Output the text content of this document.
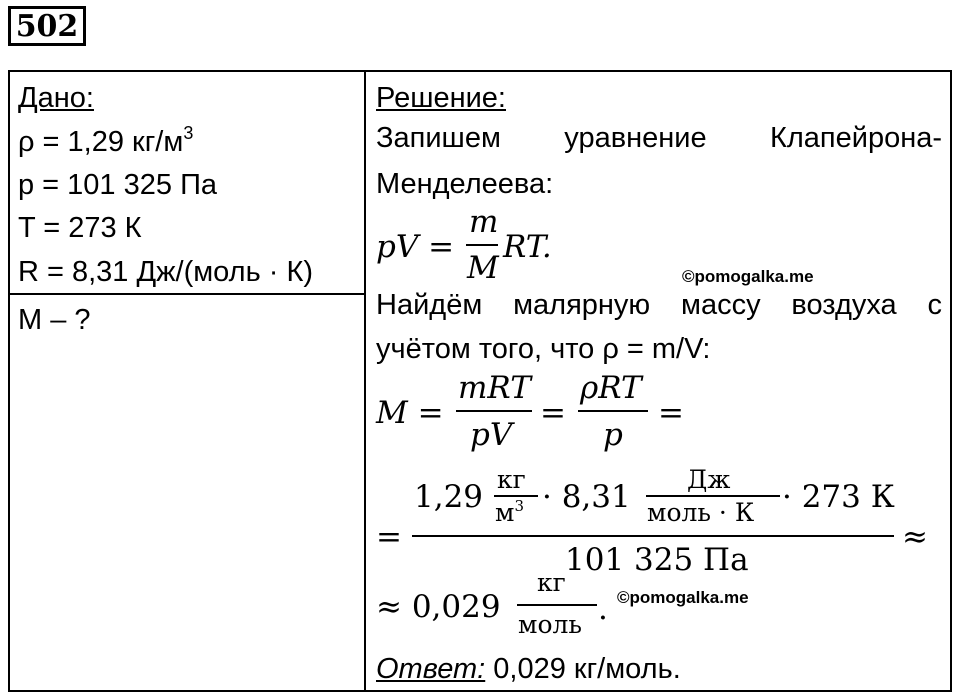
502
Дано:
ρ = 1,29 $кг/м^3$
p = 101 325 Па
T = 273 К
R = 8,31 Дж/(моль · К)
M – ?
Решение:
Запишем уравнение Клапейрона-
Менделеева:
pV =
m
M
RT.
©pomogalka.me
Найдём малярную массу воздуха с
учётом того, что ρ = m/V:
M =
mRT
pV
=
ρRT
p
=
=
1,29 кг
$м^3 \cdot 8,31$ Дж
моль · К · 273 К
101 325 Па
≈
≈ 0,029
кг
моль . ©pomogalka.me
Ответ: 0,029 кг/моль.
